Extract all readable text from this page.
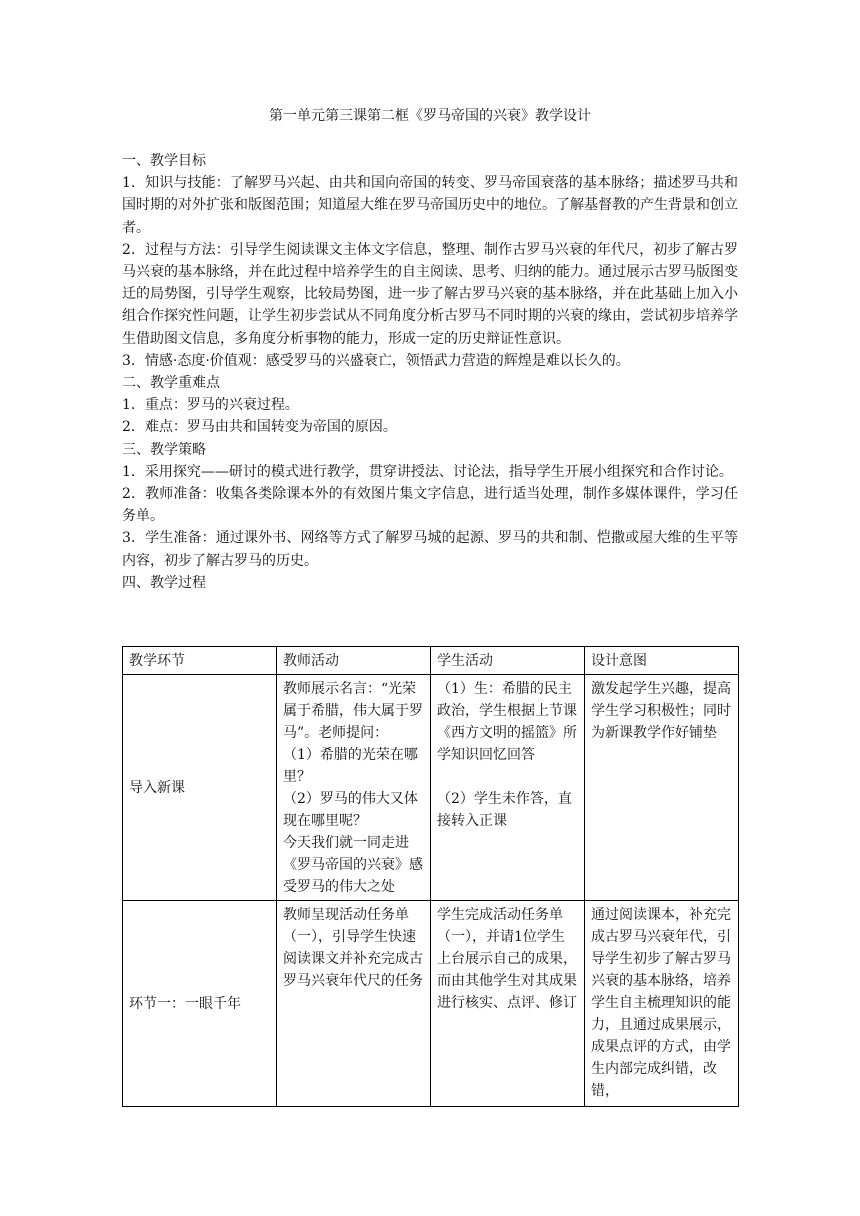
第一单元第三课第二框《罗马帝国的兴衰》教学设计

一、教学目标

1．知识与技能：了解罗马兴起、由共和国向帝国的转变、罗马帝国衰落的基本脉络；描述罗马共和国时期的对外扩张和版图范围；知道屋大维在罗马帝国历史中的地位。了解基督教的产生背景和创立者。

2．过程与方法：引导学生阅读课文主体文字信息，整理、制作古罗马兴衰的年代尺，初步了解古罗马兴衰的基本脉络，并在此过程中培养学生的自主阅读、思考、归纳的能力。通过展示古罗马版图变迁的局势图，引导学生观察，比较局势图，进一步了解古罗马兴衰的基本脉络，并在此基础上加入小组合作探究性问题，让学生初步尝试从不同角度分析古罗马不同时期的兴衰的缘由，尝试初步培养学生借助图文信息，多角度分析事物的能力，形成一定的历史辩证性意识。

3．情感·态度·价值观：感受罗马的兴盛衰亡，领悟武力营造的辉煌是难以长久的。

二、教学重难点

1．重点：罗马的兴衰过程。

2．难点：罗马由共和国转变为帝国的原因。

三、教学策略

1．采用探究——研讨的模式进行教学，贯穿讲授法、讨论法，指导学生开展小组探究和合作讨论。

2．教师准备：收集各类除课本外的有效图片集文字信息，进行适当处理，制作多媒体课件，学习任务单。

3．学生准备：通过课外书、网络等方式了解罗马城的起源、罗马的共和制、恺撒或屋大维的生平等内容，初步了解古罗马的历史。

四、教学过程

教学环节	教师活动	学生活动	设计意图
导入新课	教师展示名言：“光荣属于希腊，伟大属于罗马”。老师提问：
（1）希腊的光荣在哪里？
（2）罗马的伟大又体现在哪里呢？
今天我们就一同走进《罗马帝国的兴衰》感受罗马的伟大之处	（1）生：希腊的民主政治，学生根据上节课《西方文明的摇篮》所学知识回忆回答
（2）学生未作答，直接转入正课	激发起学生兴趣，提高学生学习积极性；同时为新课教学作好铺垫

环节一：一眼千年	教师呈现活动任务单（一），引导学生快速阅读课文并补充完成古罗马兴衰年代尺的任务	学生完成活动任务单（一），并请1位学生上台展示自己的成果，而由其他学生对其成果进行核实、点评、修订	通过阅读课本，补充完成古罗马兴衰年代，引导学生初步了解古罗马兴衰的基本脉络，培养学生自主梳理知识的能力，且通过成果展示，成果点评的方式，由学生内部完成纠错，改错，
